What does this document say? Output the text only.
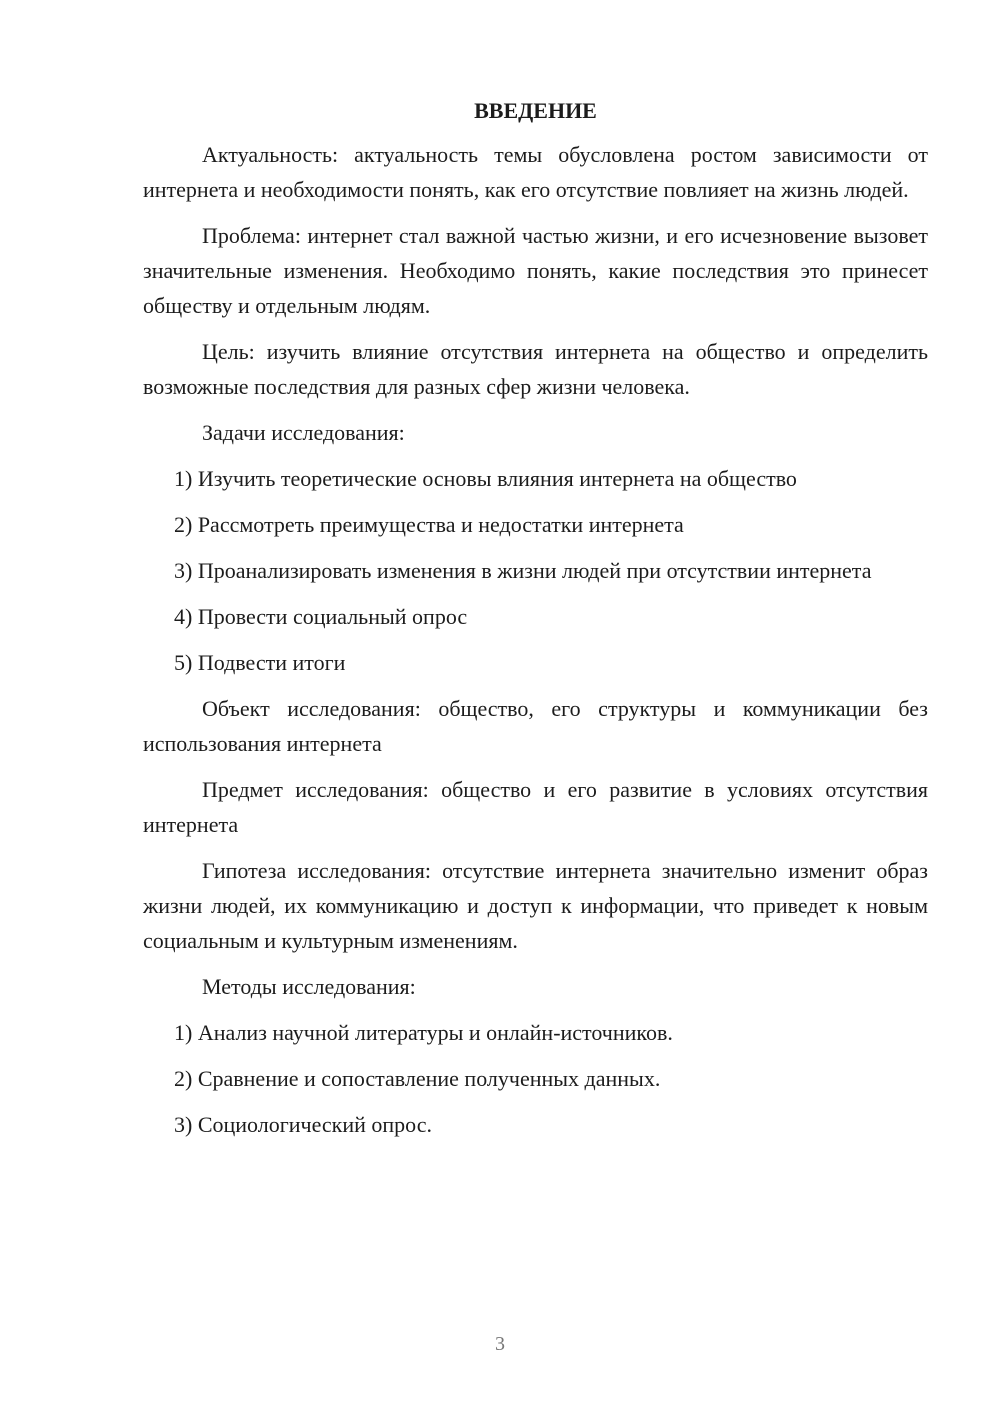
ВВЕДЕНИЕ

Актуальность: актуальность темы обусловлена ростом зависимости от интернета и необходимости понять, как его отсутствие повлияет на жизнь людей.

Проблема: интернет стал важной частью жизни, и его исчезновение вызовет значительные изменения. Необходимо понять, какие последствия это принесет обществу и отдельным людям.

Цель: изучить влияние отсутствия интернета на общество и определить возможные последствия для разных сфер жизни человека.

Задачи исследования:

1) Изучить теоретические основы влияния интернета на общество

2) Рассмотреть преимущества и недостатки интернета

3) Проанализировать изменения в жизни людей при отсутствии интернета

4) Провести социальный опрос

5) Подвести итоги

Объект исследования: общество, его структуры и коммуникации без использования интернета

Предмет исследования: общество и его развитие в условиях отсутствия интернета

Гипотеза исследования: отсутствие интернета значительно изменит образ жизни людей, их коммуникацию и доступ к информации, что приведет к новым социальным и культурным изменениям.

Методы исследования:

1) Анализ научной литературы и онлайн-источников.

2) Сравнение и сопоставление полученных данных.

3) Социологический опрос.

3
